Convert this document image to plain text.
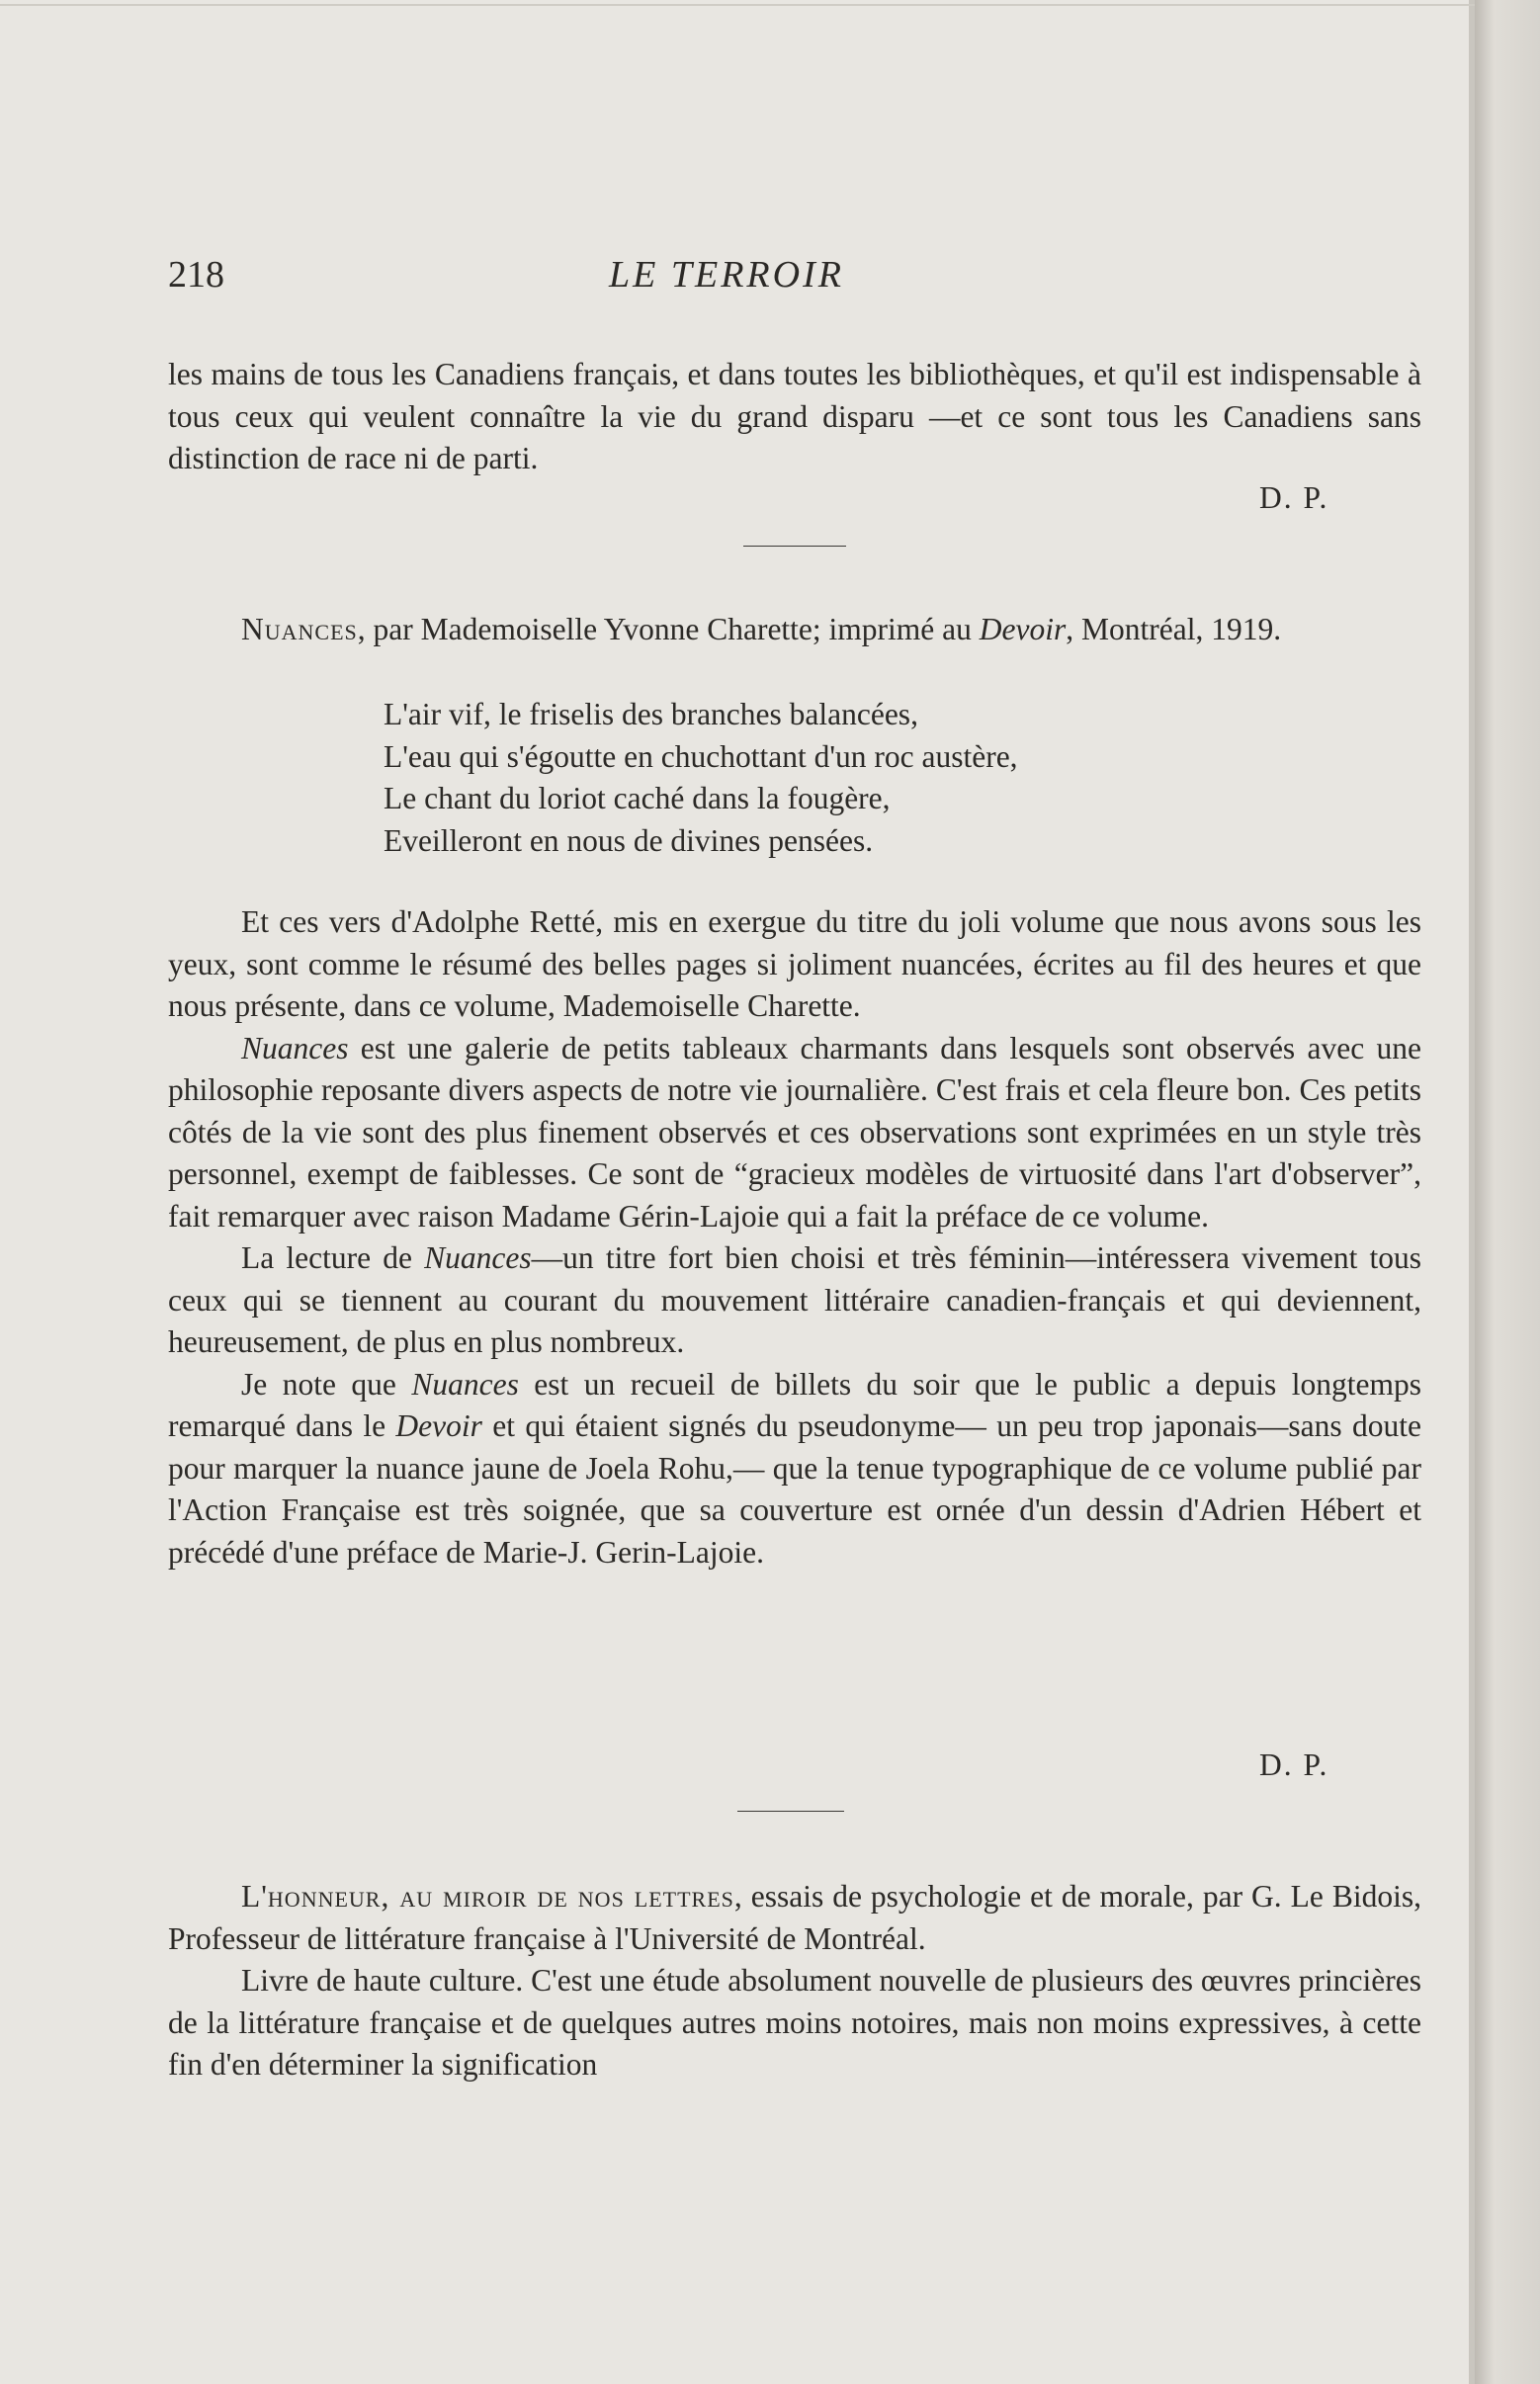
218	LE TERROIR

les mains de tous les Canadiens français, et dans toutes les bibliothèques, et qu'il est indispensable à tous ceux qui veulent connaître la vie du grand disparu —et ce sont tous les Canadiens sans distinction de race ni de parti.

D. P.

Nuances, par Mademoiselle Yvonne Charette; imprimé au Devoir, Montréal, 1919.

L'air vif, le friselis des branches balancées,
L'eau qui s'égoutte en chuchottant d'un roc austère,
Le chant du loriot caché dans la fougère,
Eveilleront en nous de divines pensées.

Et ces vers d'Adolphe Retté, mis en exergue du titre du joli volume que nous avons sous les yeux, sont comme le résumé des belles pages si joliment nuancées, écrites au fil des heures et que nous présente, dans ce volume, Mademoiselle Charette.

Nuances est une galerie de petits tableaux charmants dans lesquels sont observés avec une philosophie reposante divers aspects de notre vie journalière. C'est frais et cela fleure bon. Ces petits côtés de la vie sont des plus finement observés et ces observations sont exprimées en un style très personnel, exempt de faiblesses. Ce sont de “gracieux modèles de virtuosité dans l'art d'observer”, fait remarquer avec raison Madame Gérin-Lajoie qui a fait la préface de ce volume.

La lecture de Nuances—un titre fort bien choisi et très féminin—intéressera vivement tous ceux qui se tiennent au courant du mouvement littéraire canadien-français et qui deviennent, heureusement, de plus en plus nombreux.

Je note que Nuances est un recueil de billets du soir que le public a depuis longtemps remarqué dans le Devoir et qui étaient signés du pseudonyme— un peu trop japonais—sans doute pour marquer la nuance jaune de Joela Rohu,— que la tenue typographique de ce volume publié par l'Action Française est très soignée, que sa couverture est ornée d'un dessin d'Adrien Hébert et précédé d'une préface de Marie-J. Gerin-Lajoie.

D. P.

L'honneur, au miroir de nos lettres, essais de psychologie et de morale, par G. Le Bidois, Professeur de littérature française à l'Université de Montréal.

Livre de haute culture. C'est une étude absolument nouvelle de plusieurs des œuvres princières de la littérature française et de quelques autres moins notoires, mais non moins expressives, à cette fin d'en déterminer la signification
